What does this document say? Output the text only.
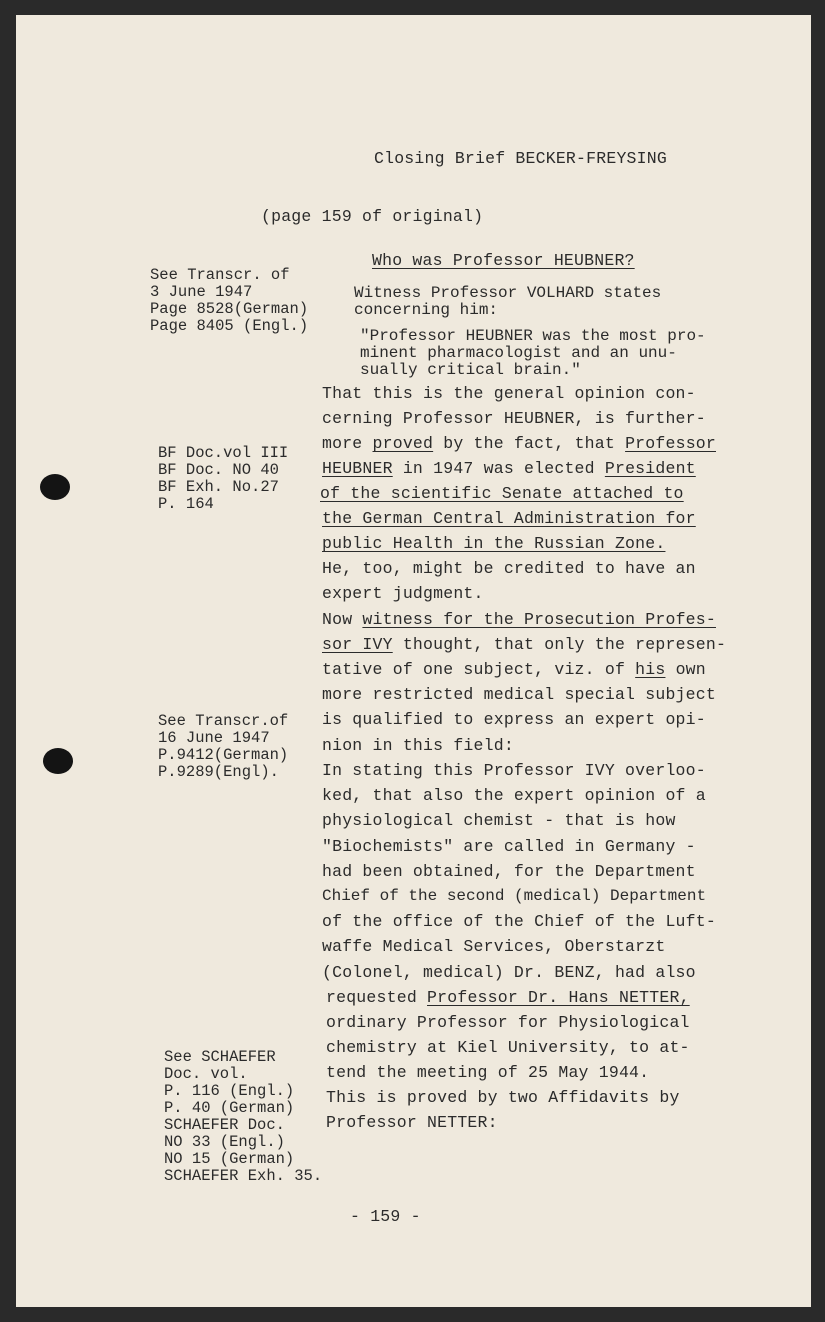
Closing Brief BECKER-FREYSING
(page 159 of original)
Who was Professor HEUBNER?
See Transcr. of
3 June 1947
Page 8528(German)
Page 8405 (Engl.)
BF Doc.vol III
BF Doc. NO 40
BF Exh. No.27
P. 164
See Transcr.of
16 June 1947
P.9412(German)
P.9289(Engl).
See SCHAEFER
Doc. vol.
P. 116 (Engl.)
P. 40 (German)
SCHAEFER Doc.
NO 33 (Engl.)
NO 15 (German)
SCHAEFER Exh. 35.
Witness Professor VOLHARD states
concerning him:
"Professor HEUBNER was the most pro-
minent pharmacologist and an unu-
sually critical brain."
That this is the general opinion con-
cerning Professor HEUBNER, is further-
more proved by the fact, that Professor
HEUBNER in 1947 was elected President
of the scientific Senate attached to
the German Central Administration for
public Health in the Russian Zone.
He, too, might be credited to have an
expert judgment.
Now witness for the Prosecution Profes-
sor IVY thought, that only the represen-
tative of one subject, viz. of his own
more restricted medical special subject
is qualified to express an expert opi-
nion in this field:
In stating this Professor IVY overloo-
ked, that also the expert opinion of a
physiological chemist - that is how
"Biochemists" are called in Germany -
had been obtained, for the Department
Chief of the second (medical) Department
of the office of the Chief of the Luft-
waffe Medical Services, Oberstarzt
(Colonel, medical) Dr. BENZ, had also
requested Professor Dr. Hans NETTER,
ordinary Professor for Physiological
chemistry at Kiel University, to at-
tend the meeting of 25 May 1944.
This is proved by two Affidavits by
Professor NETTER:
- 159 -
